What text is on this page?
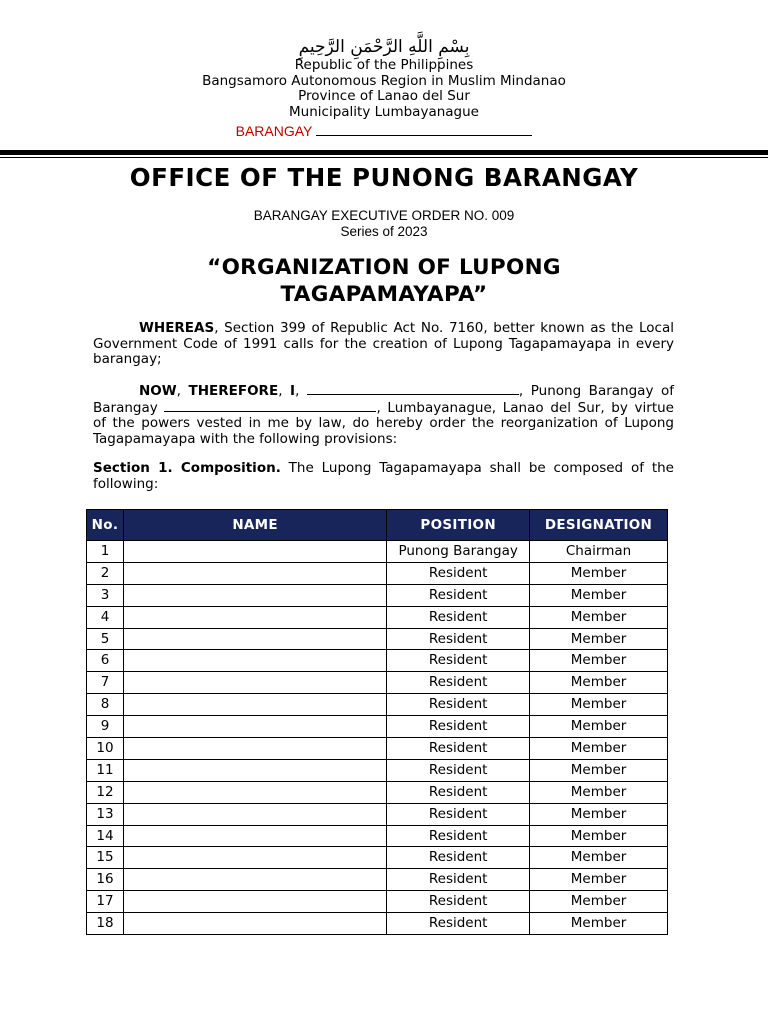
بِسْمِ اللَّهِ الرَّحْمَنِ الرَّحِيمِ
Republic of the Philippines
Bangsamoro Autonomous Region in Muslim Mindanao
Province of Lanao del Sur
Municipality Lumbayanague
BARANGAY
OFFICE OF THE PUNONG BARANGAY
BARANGAY EXECUTIVE ORDER NO. 009
Series of 2023
“ORGANIZATION OF LUPONG
TAGAPAMAYAPA”
WHEREAS, Section 399 of Republic Act No. 7160, better known as the Local Government Code of 1991 calls for the creation of Lupong Tagapamayapa in every barangay;
NOW, THEREFORE, I,	, Punong Barangay of Barangay	, Lumbayanague, Lanao del Sur, by virtue of the powers vested in me by law, do hereby order the reorganization of Lupong Tagapamayapa with the following provisions:
Section 1. Composition. The Lupong Tagapamayapa shall be composed of the following:
No.	NAME	POSITION	DESIGNATION
1		Punong Barangay	Chairman
2		Resident	Member
3		Resident	Member
4		Resident	Member
5		Resident	Member
6		Resident	Member
7		Resident	Member
8		Resident	Member
9		Resident	Member
10		Resident	Member
11		Resident	Member
12		Resident	Member
13		Resident	Member
14		Resident	Member
15		Resident	Member
16		Resident	Member
17		Resident	Member
18		Resident	Member
